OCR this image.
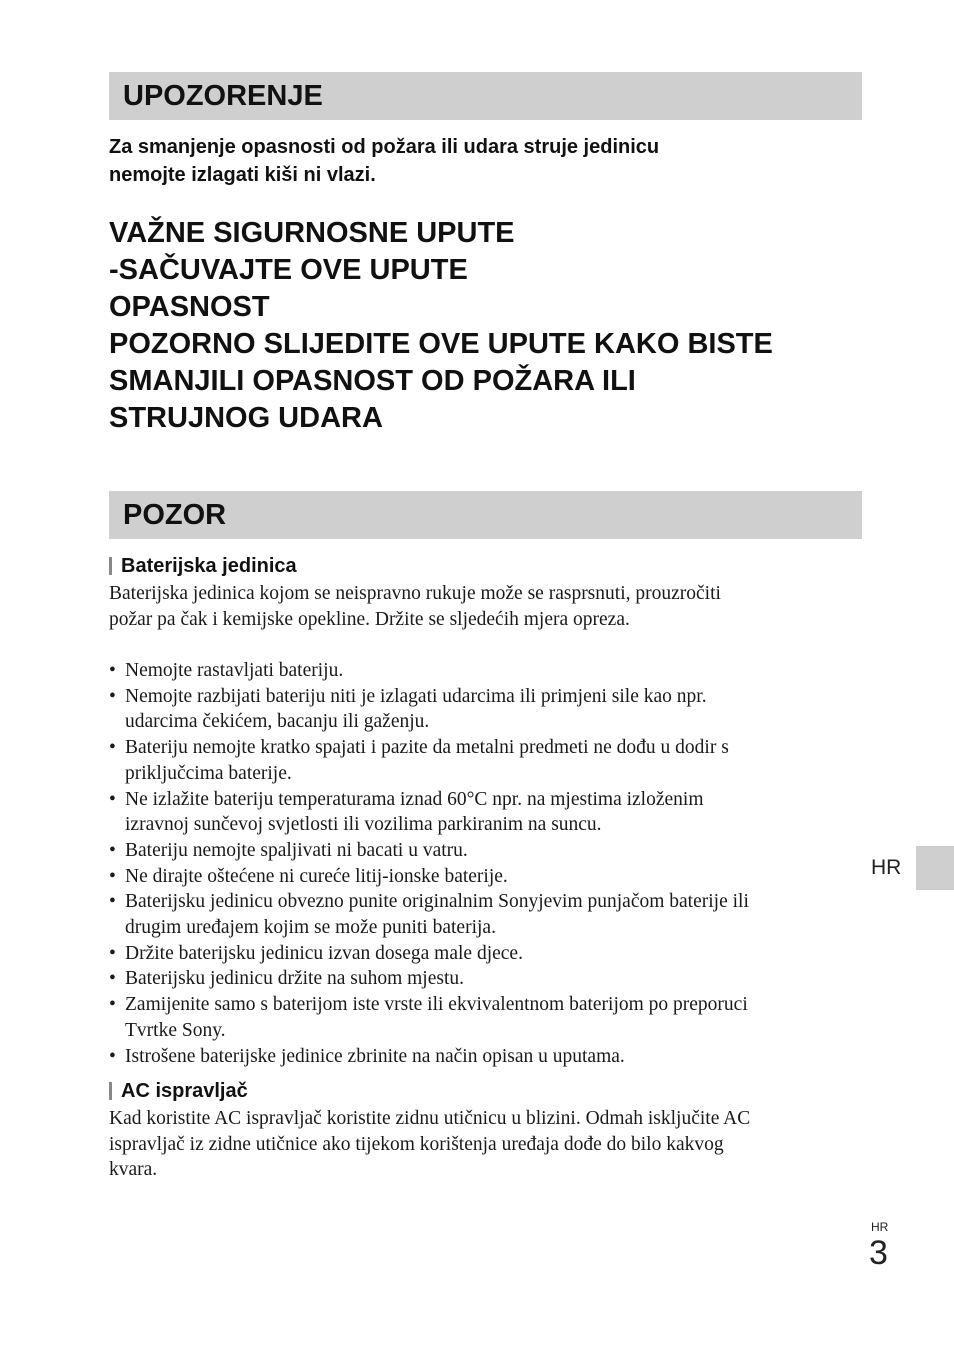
UPOZORENJE
Za smanjenje opasnosti od požara ili udara struje jedinicu
nemojte izlagati kiši ni vlazi.
VAŽNE SIGURNOSNE UPUTE
-SAČUVAJTE OVE UPUTE
OPASNOST
POZORNO SLIJEDITE OVE UPUTE KAKO BISTE
SMANJILI OPASNOST OD POŽARA ILI
STRUJNOG UDARA
POZOR
Baterijska jedinica
Baterijska jedinica kojom se neispravno rukuje može se rasprsnuti, prouzročiti
požar pa čak i kemijske opekline. Držite se sljedećih mjera opreza.
• Nemojte rastavljati bateriju.
• Nemojte razbijati bateriju niti je izlagati udarcima ili primjeni sile kao npr.
udarcima čekićem, bacanju ili gaženju.
• Bateriju nemojte kratko spajati i pazite da metalni predmeti ne dođu u dodir s
priključcima baterije.
• Ne izlažite bateriju temperaturama iznad 60°C npr. na mjestima izloženim
izravnoj sunčevoj svjetlosti ili vozilima parkiranim na suncu.
• Bateriju nemojte spaljivati ni bacati u vatru.
• Ne dirajte oštećene ni cureće litij-ionske baterije.
• Baterijsku jedinicu obvezno punite originalnim Sonyjevim punjačom baterije ili
drugim uređajem kojim se može puniti baterija.
• Držite baterijsku jedinicu izvan dosega male djece.
• Baterijsku jedinicu držite na suhom mjestu.
• Zamijenite samo s baterijom iste vrste ili ekvivalentnom baterijom po preporuci
Tvrtke Sony.
• Istrošene baterijske jedinice zbrinite na način opisan u uputama.
AC ispravljač
Kad koristite AC ispravljač koristite zidnu utičnicu u blizini. Odmah isključite AC
ispravljač iz zidne utičnice ako tijekom korištenja uređaja dođe do bilo kakvog
kvara.
HR
HR
3
